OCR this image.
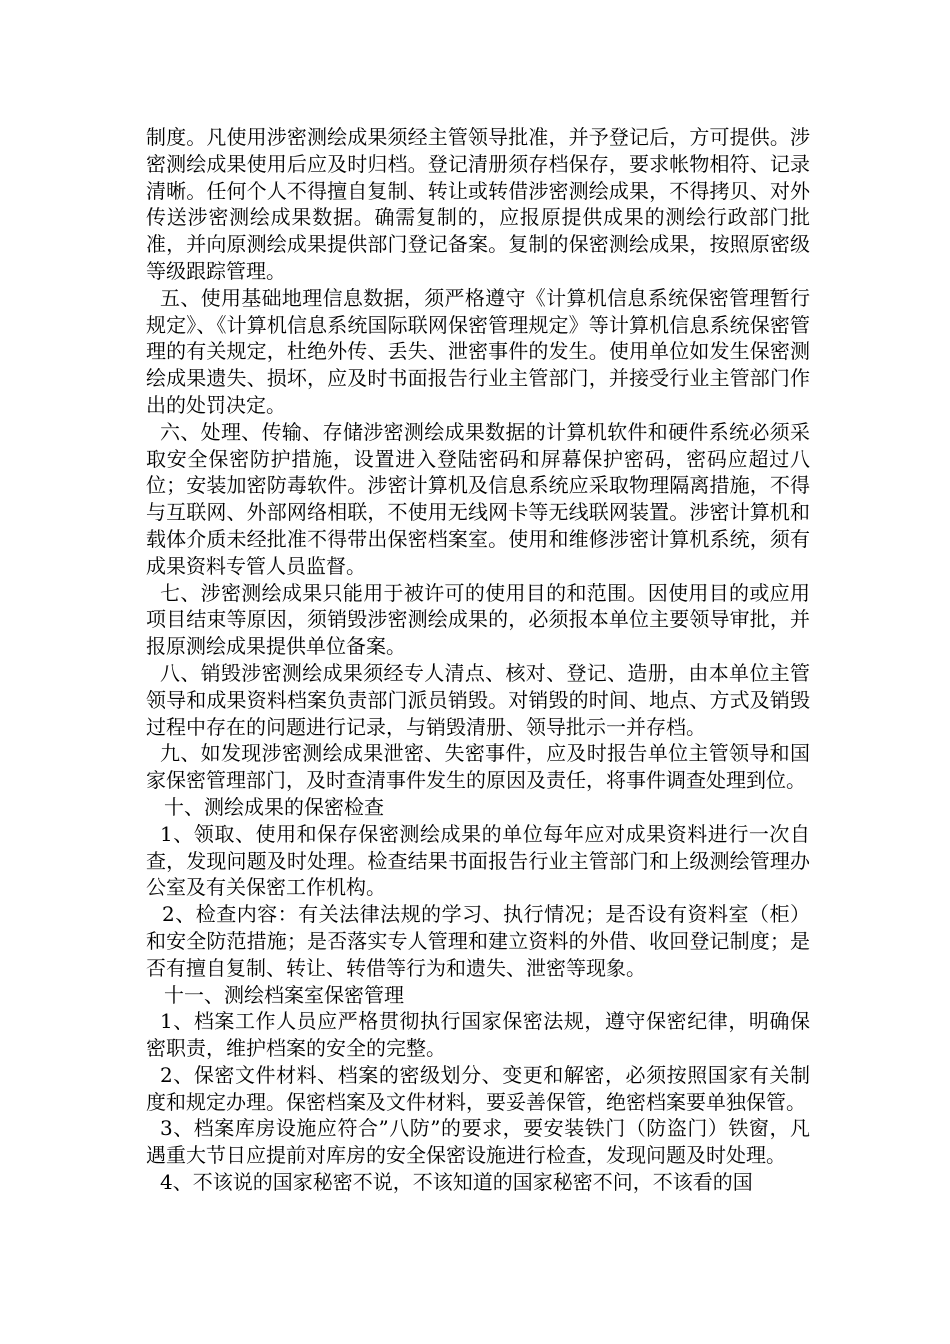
制度。凡使用涉密测绘成果须经主管领导批准，并予登记后，方可提供。涉密测绘成果使用后应及时归档。登记清册须存档保存，要求帐物相符、记录清晰。任何个人不得擅自复制、转让或转借涉密测绘成果，不得拷贝、对外传送涉密测绘成果数据。确需复制的，应报原提供成果的测绘行政部门批准，并向原测绘成果提供部门登记备案。复制的保密测绘成果，按照原密级等级跟踪管理。

五、使用基础地理信息数据，须严格遵守《计算机信息系统保密管理暂行规定》、《计算机信息系统国际联网保密管理规定》等计算机信息系统保密管理的有关规定，杜绝外传、丢失、泄密事件的发生。使用单位如发生保密测绘成果遗失、损坏，应及时书面报告行业主管部门，并接受行业主管部门作出的处罚决定。

六、处理、传输、存储涉密测绘成果数据的计算机软件和硬件系统必须采取安全保密防护措施，设置进入登陆密码和屏幕保护密码，密码应超过八位；安装加密防毒软件。涉密计算机及信息系统应采取物理隔离措施，不得与互联网、外部网络相联，不使用无线网卡等无线联网装置。涉密计算机和载体介质未经批准不得带出保密档案室。使用和维修涉密计算机系统，须有成果资料专管人员监督。

七、涉密测绘成果只能用于被许可的使用目的和范围。因使用目的或应用项目结束等原因，须销毁涉密测绘成果的，必须报本单位主要领导审批，并报原测绘成果提供单位备案。

八、销毁涉密测绘成果须经专人清点、核对、登记、造册，由本单位主管领导和成果资料档案负责部门派员销毁。对销毁的时间、地点、方式及销毁过程中存在的问题进行记录，与销毁清册、领导批示一并存档。

九、如发现涉密测绘成果泄密、失密事件，应及时报告单位主管领导和国家保密管理部门，及时查清事件发生的原因及责任，将事件调查处理到位。

十、测绘成果的保密检查

1、领取、使用和保存保密测绘成果的单位每年应对成果资料进行一次自查，发现问题及时处理。检查结果书面报告行业主管部门和上级测绘管理办公室及有关保密工作机构。

2、检查内容：有关法律法规的学习、执行情况；是否设有资料室（柜）和安全防范措施；是否落实专人管理和建立资料的外借、收回登记制度；是否有擅自复制、转让、转借等行为和遗失、泄密等现象。

十一、测绘档案室保密管理

1、档案工作人员应严格贯彻执行国家保密法规，遵守保密纪律，明确保密职责，维护档案的安全的完整。

2、保密文件材料、档案的密级划分、变更和解密，必须按照国家有关制度和规定办理。保密档案及文件材料，要妥善保管，绝密档案要单独保管。

3、档案库房设施应符合”八防”的要求，要安装铁门（防盗门）铁窗，凡遇重大节日应提前对库房的安全保密设施进行检查，发现问题及时处理。

4、不该说的国家秘密不说，不该知道的国家秘密不问，不该看的国
